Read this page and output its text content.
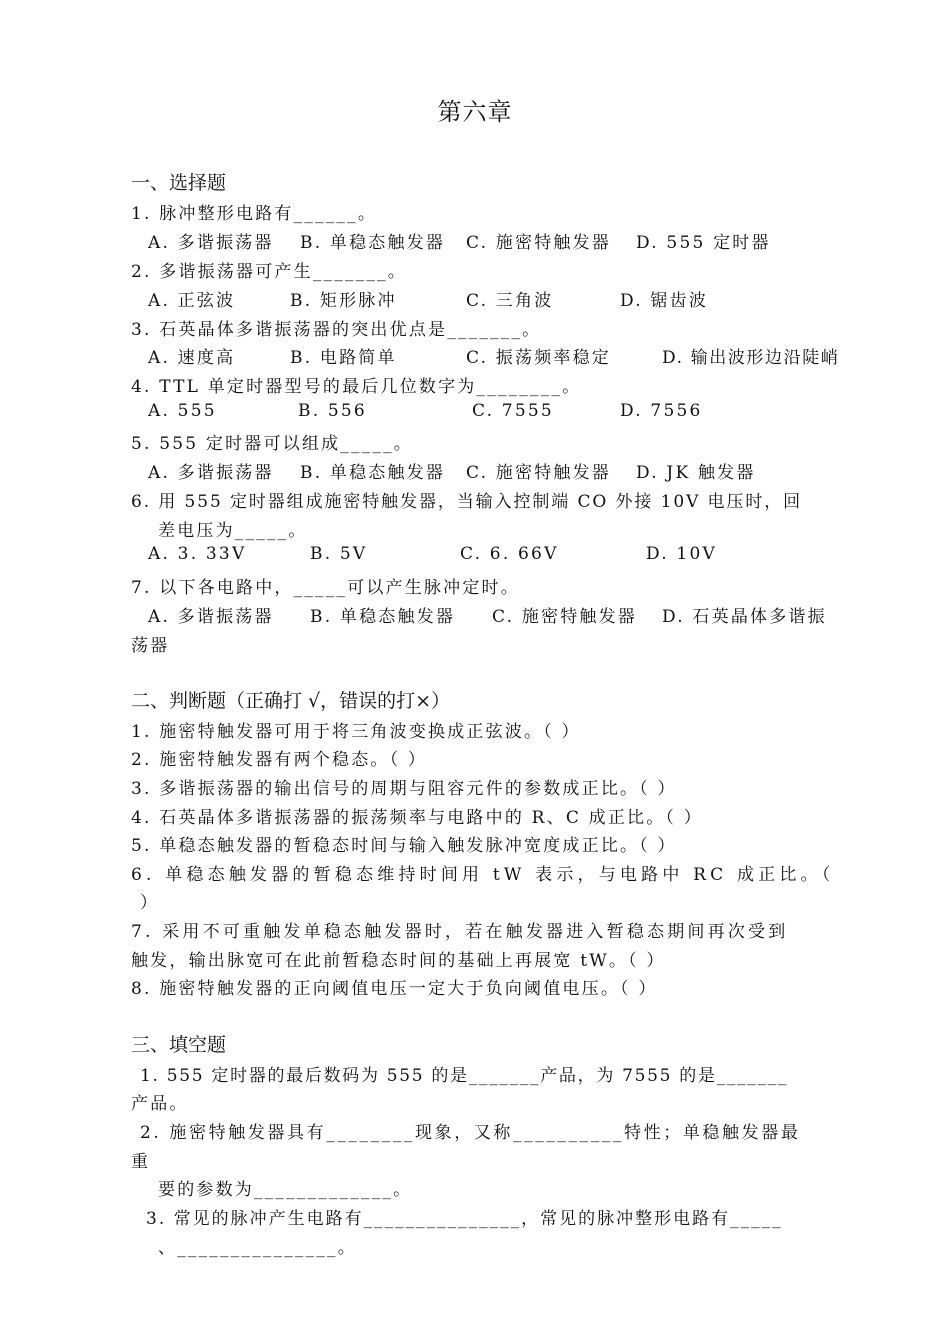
第六章
一、选择题
1. 脉冲整形电路有______。
A. 多谐振荡器 B. 单稳态触发器 C. 施密特触发器 D. 555 定时器
2. 多谐振荡器可产生_______。
A. 正弦波	B. 矩形脉冲	C. 三角波	D. 锯齿波
3. 石英晶体多谐振荡器的突出优点是_______。
A. 速度高	B. 电路简单	C. 振荡频率稳定	D. 输出波形边沿陡峭
4. TTL 单定时器型号的最后几位数字为________。
A. 555	B. 556	C. 7555	D. 7556
5. 555 定时器可以组成_____。
A. 多谐振荡器 B. 单稳态触发器 C. 施密特触发器 D. JK 触发器
6. 用 555 定时器组成施密特触发器，当输入控制端 CO 外接 10V 电压时，回
差电压为_____。
A. 3. 33V	B. 5V	C. 6. 66V	D. 10V
7. 以下各电路中，_____可以产生脉冲定时。
A. 多谐振荡器 B. 单稳态触发器 C. 施密特触发器 D. 石英晶体多谐振
荡器
二、判断题（正确打 √，错误的打×）
1. 施密特触发器可用于将三角波变换成正弦波。（ ）
2. 施密特触发器有两个稳态。（ ）
3. 多谐振荡器的输出信号的周期与阻容元件的参数成正比。（ ）
4. 石英晶体多谐振荡器的振荡频率与电路中的 R、C 成正比。（ ）
5. 单稳态触发器的暂稳态时间与输入触发脉冲宽度成正比。（ ）
6. 单稳态触发器的暂稳态维持时间用 tW 表示，与电路中 RC 成正比。（
）
7. 采用不可重触发单稳态触发器时，若在触发器进入暂稳态期间再次受到
触发，输出脉宽可在此前暂稳态时间的基础上再展宽 tW。（ ）
8. 施密特触发器的正向阈值电压一定大于负向阈值电压。（ ）
三、填空题
1. 555 定时器的最后数码为 555 的是_______产品，为 7555 的是_______
产品。
2. 施密特触发器具有________现象，又称__________特性；单稳触发器最
重
要的参数为_____________。
3. 常见的脉冲产生电路有_______________，常见的脉冲整形电路有_____
、_______________。
